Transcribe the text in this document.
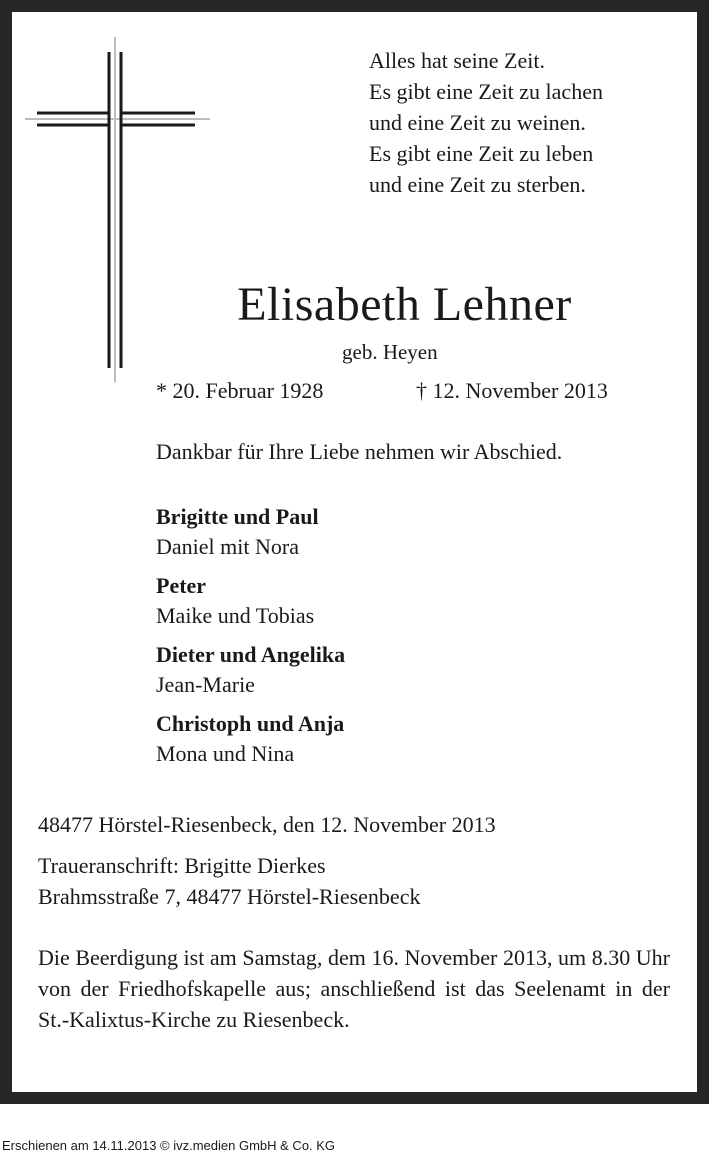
Alles hat seine Zeit.
Es gibt eine Zeit zu lachen
und eine Zeit zu weinen.
Es gibt eine Zeit zu leben
und eine Zeit zu sterben.
Elisabeth Lehner
geb. Heyen
* 20. Februar 1928	† 12. November 2013
Dankbar für Ihre Liebe nehmen wir Abschied.
Brigitte und Paul
Daniel mit Nora
Peter
Maike und Tobias
Dieter und Angelika
Jean-Marie
Christoph und Anja
Mona und Nina
48477 Hörstel-Riesenbeck, den 12. November 2013
Traueranschrift: Brigitte Dierkes
Brahmsstraße 7, 48477 Hörstel-Riesenbeck
Die Beerdigung ist am Samstag, dem 16. November 2013, um 8.30 Uhr von der Friedhofskapelle aus; anschließend ist das Seelenamt in der St.-Kalixtus-Kirche zu Riesenbeck.
Erschienen am 14.11.2013 © ivz.medien GmbH & Co. KG
